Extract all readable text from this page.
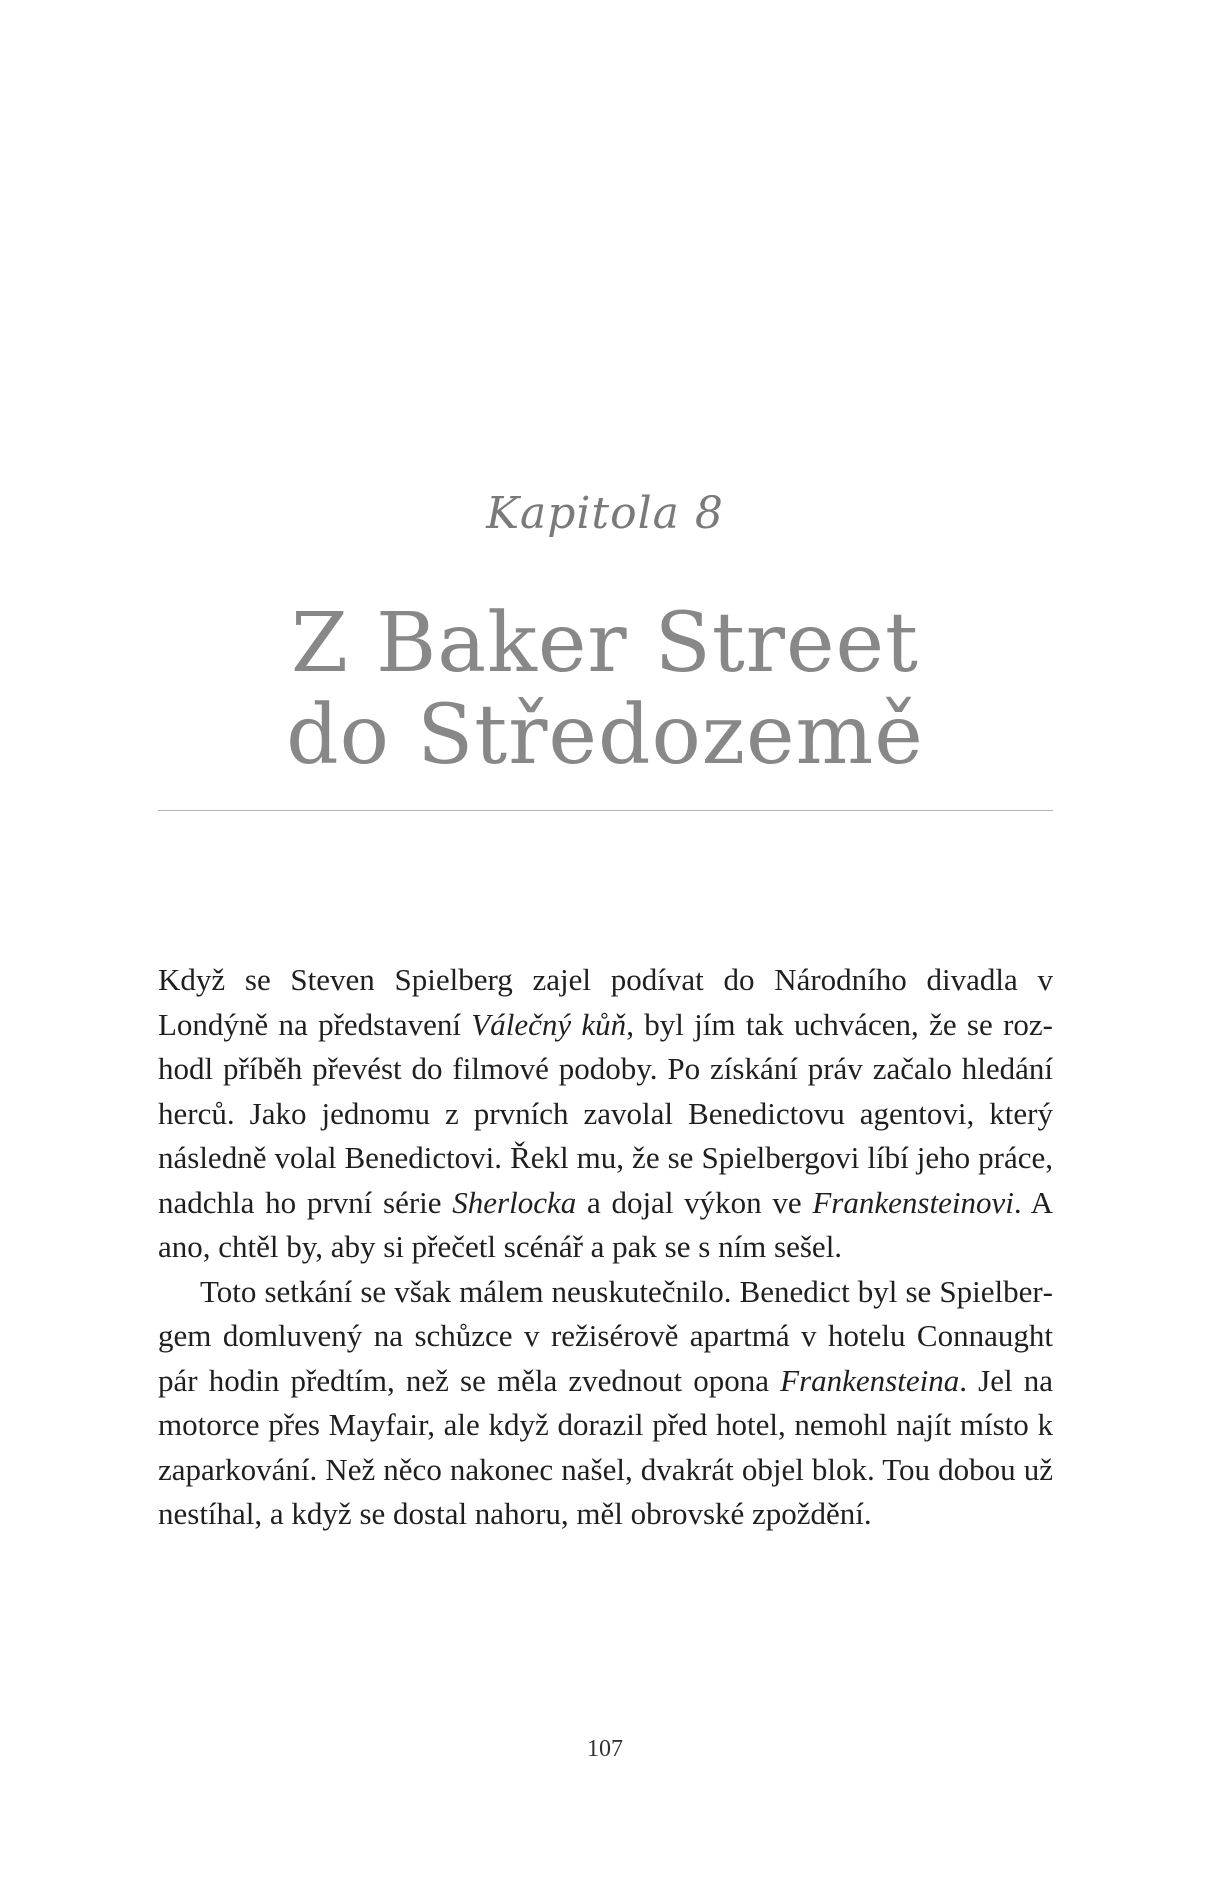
Kapitola 8
Z Baker Street
do Středozemě

Když se Steven Spielberg zajel podívat do Národního divadla v Londýně na představení Válečný kůň, byl jím tak uchvácen, že se rozhodl příběh převést do filmové podoby. Po získání práv začalo hledání herců. Jako jednomu z prvních zavolal Benedictovu agentovi, který následně volal Benedictovi. Řekl mu, že se Spielbergovi líbí jeho práce, nadchla ho první série Sherlocka a dojal výkon ve Frankensteinovi. A ano, chtěl by, aby si přečetl scénář a pak se s ním sešel.

Toto setkání se však málem neuskutečnilo. Benedict byl se Spielbergem domluvený na schůzce v režisérově apartmá v hotelu Connaught pár hodin předtím, než se měla zvednout opona Frankensteina. Jel na motorce přes Mayfair, ale když dorazil před hotel, nemohl najít místo k zaparkování. Než něco nakonec našel, dvakrát objel blok. Tou dobou už nestíhal, a když se dostal nahoru, měl obrovské zpoždění.

107
